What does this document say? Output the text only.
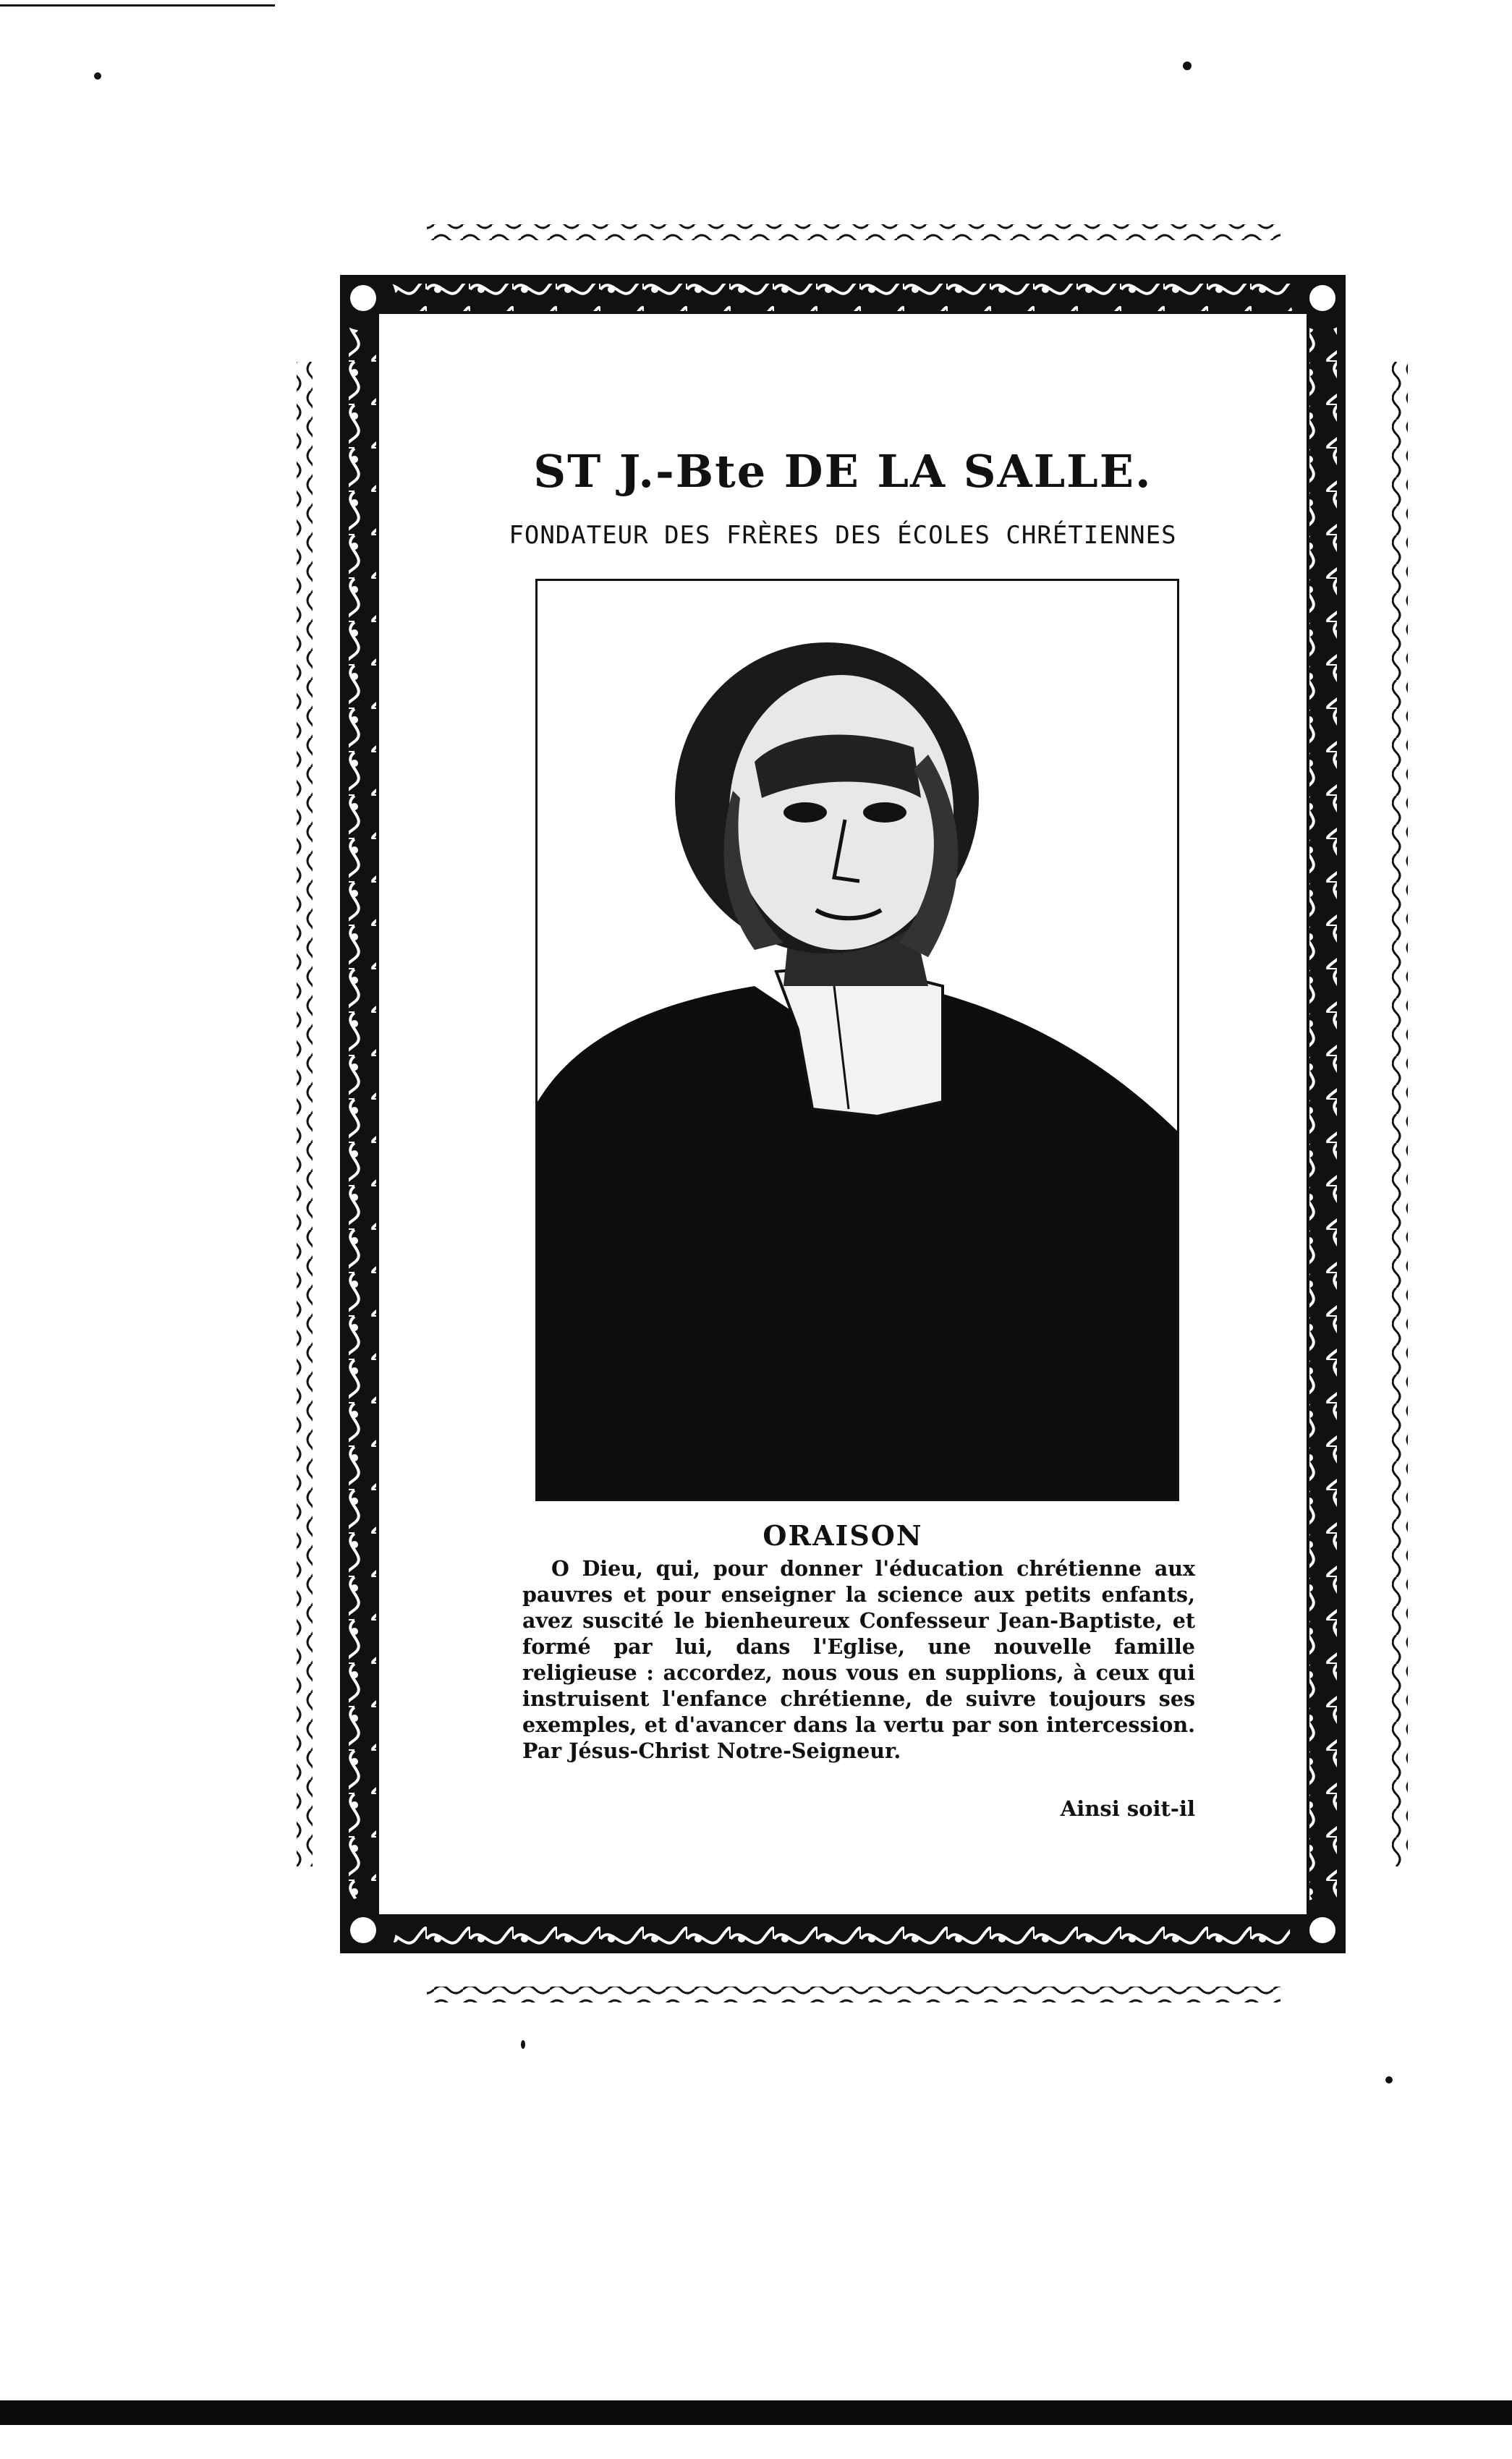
ST J.-Bte DE LA SALLE.
FONDATEUR DES FRÈRES DES ÉCOLES CHRÉTIENNES
ORAISON
O Dieu, qui, pour donner l'éducation chrétienne aux pauvres et pour enseigner la science aux petits enfants, avez suscité le bienheureux Confesseur Jean-Baptiste, et formé par lui, dans l'Eglise, une nouvelle famille religieuse : accordez, nous vous en supplions, à ceux qui instruisent l'enfance chrétienne, de suivre toujours ses exemples, et d'avancer dans la vertu par son intercession. Par Jésus-Christ Notre-Seigneur.
Ainsi soit-il
